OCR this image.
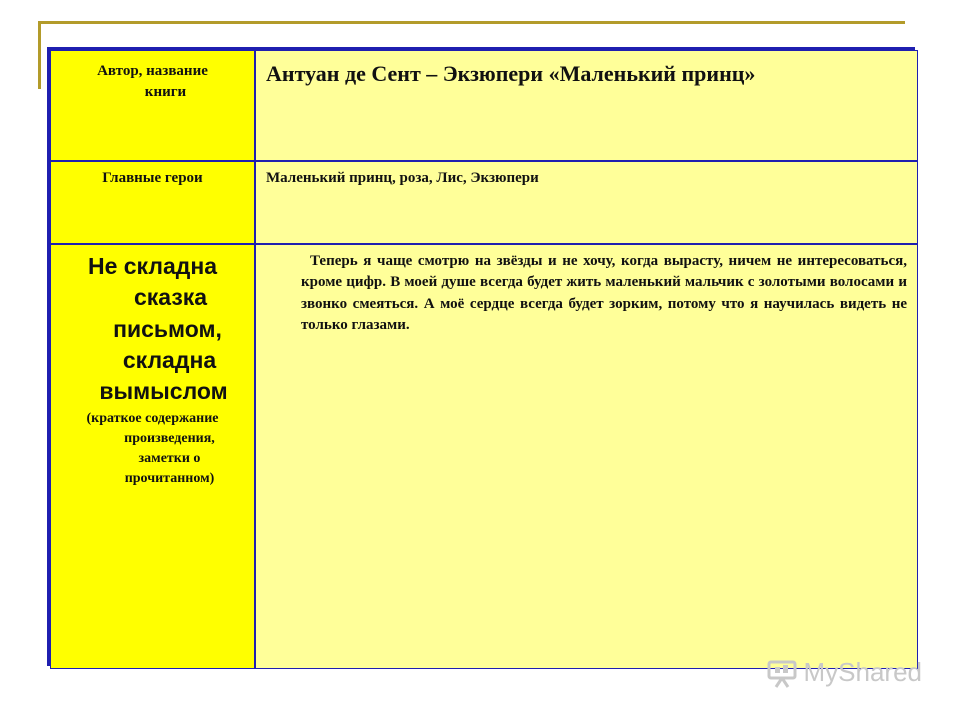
Автор, название
книги
Антуан де Сент – Экзюпери «Маленький принц»
Главные герои	Маленький принц, роза, Лис, Экзюпери
Не складна
сказка
письмом,
складна
вымыслом
(краткое содержание
произведения,
заметки о
прочитанном)
Теперь я чаще смотрю на звёзды и не хочу, когда вырасту, ничем не интересоваться, кроме цифр. В моей душе всегда будет жить маленький мальчик с золотыми волосами и звонко смеяться. А моё сердце всегда будет зорким, потому что я научилась видеть не только глазами.
MyShared
